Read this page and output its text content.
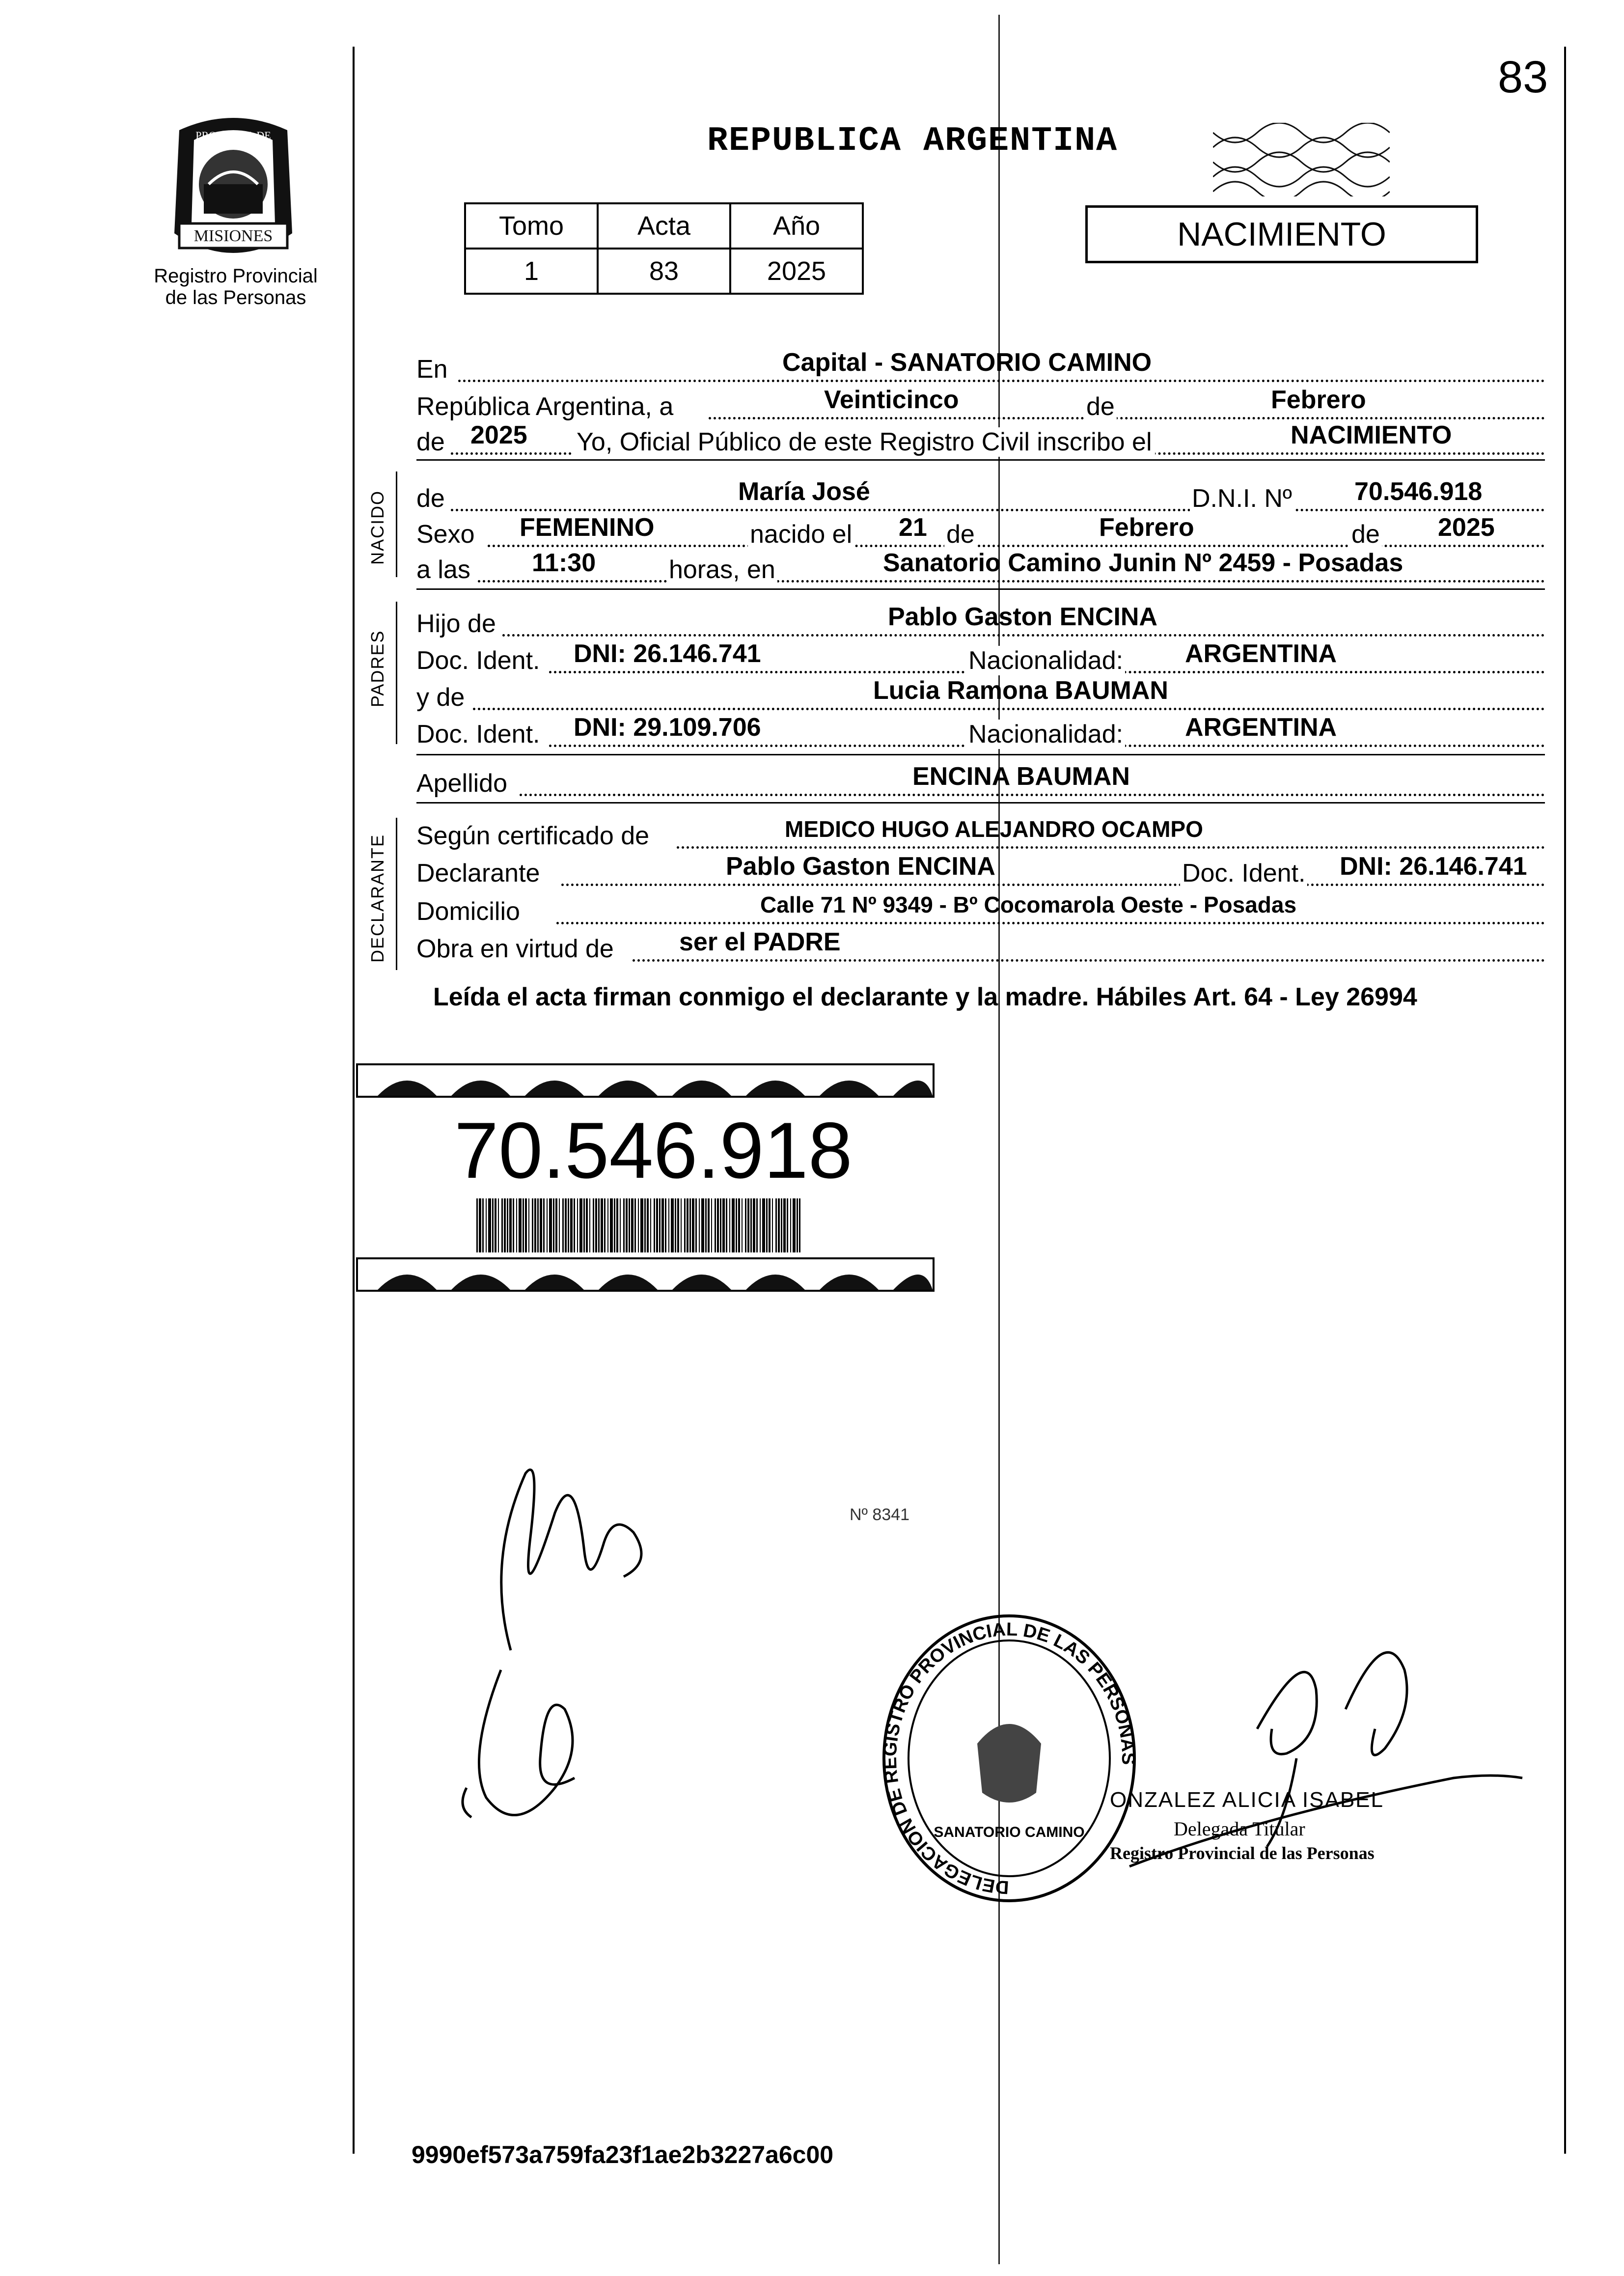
83
MISIONES
PROVINCIA DE
Registro Provincial
de las Personas
REPUBLICA ARGENTINA
Tomo	Acta	Año
1	83	2025
NACIMIENTO
En	Capital - SANATORIO CAMINO
República Argentina, a	Veinticinco	de	Febrero
de 2025 Yo, Oficial Público de este Registro Civil inscribo el	NACIMIENTO
NACIDO de	María José	D.N.I. Nº 70.546.918
Sexo FEMENINO	nacido el 21 de	Febrero	de 2025
a las 11:30	horas, en	Sanatorio Camino Junin Nº 2459 - Posadas
PADRES
Hijo de	Pablo Gaston ENCINA
Doc. Ident. DNI: 26.146.741	Nacionalidad: ARGENTINA
y de	Lucia Ramona BAUMAN
Doc. Ident. DNI: 29.109.706	Nacionalidad: ARGENTINA
Apellido	ENCINA BAUMAN
DECLARANTE Según certificado de	MEDICO HUGO ALEJANDRO OCAMPO
Declarante	Pablo Gaston ENCINA	Doc. Ident. DNI: 26.146.741
Domicilio	Calle 71 Nº 9349 - Bº Cocomarola Oeste - Posadas
Obra en virtud de	ser el PADRE
Leída el acta firman conmigo el declarante y la madre. Hábiles Art. 64 - Ley 26994
70.546.918
DELEGACION DE REGISTRO PROVINCIAL DE LAS PERSONAS
SANATORIO CAMINO
ONZALEZ ALICIA ISABEL
Delegada Titular
Registro Provincial de las Personas
Nº 8341
9990ef573a759fa23f1ae2b3227a6c00
